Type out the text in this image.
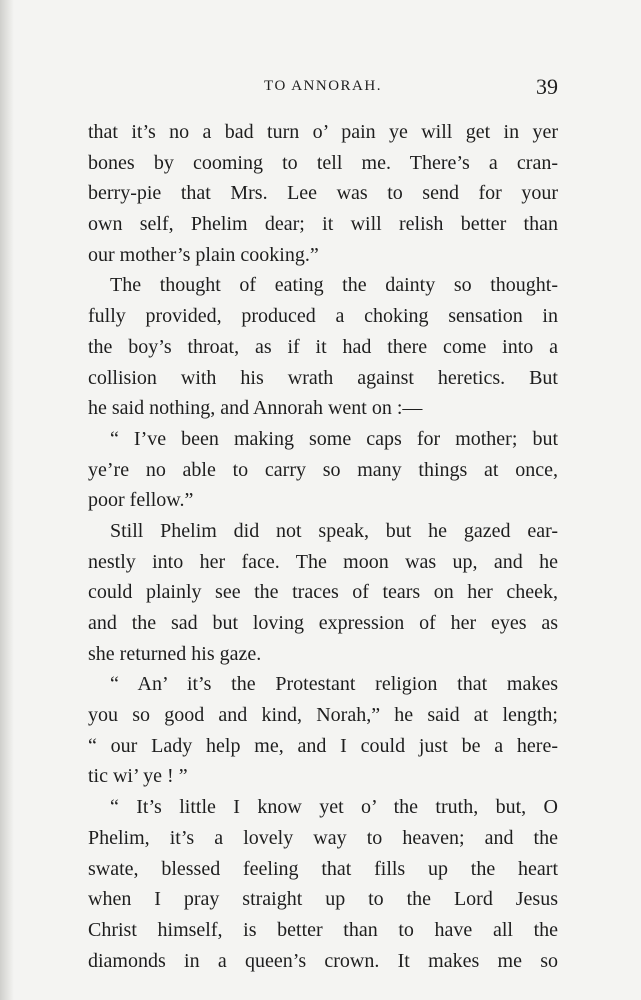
TO ANNORAH.	39
that it’s no a bad turn o’ pain ye will get in yer
bones by cooming to tell me. There’s a cran-
berry-pie that Mrs. Lee was to send for your
own self, Phelim dear; it will relish better than
our mother’s plain cooking.”
The thought of eating the dainty so thought-
fully provided, produced a choking sensation in
the boy’s throat, as if it had there come into a
collision with his wrath against heretics. But
he said nothing, and Annorah went on :—
“ I’ve been making some caps for mother; but
ye’re no able to carry so many things at once,
poor fellow.”
Still Phelim did not speak, but he gazed ear-
nestly into her face. The moon was up, and he
could plainly see the traces of tears on her cheek,
and the sad but loving expression of her eyes as
she returned his gaze.
“ An’ it’s the Protestant religion that makes
you so good and kind, Norah,” he said at length;
“ our Lady help me, and I could just be a here-
tic wi’ ye ! ”
“ It’s little I know yet o’ the truth, but, O
Phelim, it’s a lovely way to heaven; and the
swate, blessed feeling that fills up the heart
when I pray straight up to the Lord Jesus
Christ himself, is better than to have all the
diamonds in a queen’s crown. It makes me so
